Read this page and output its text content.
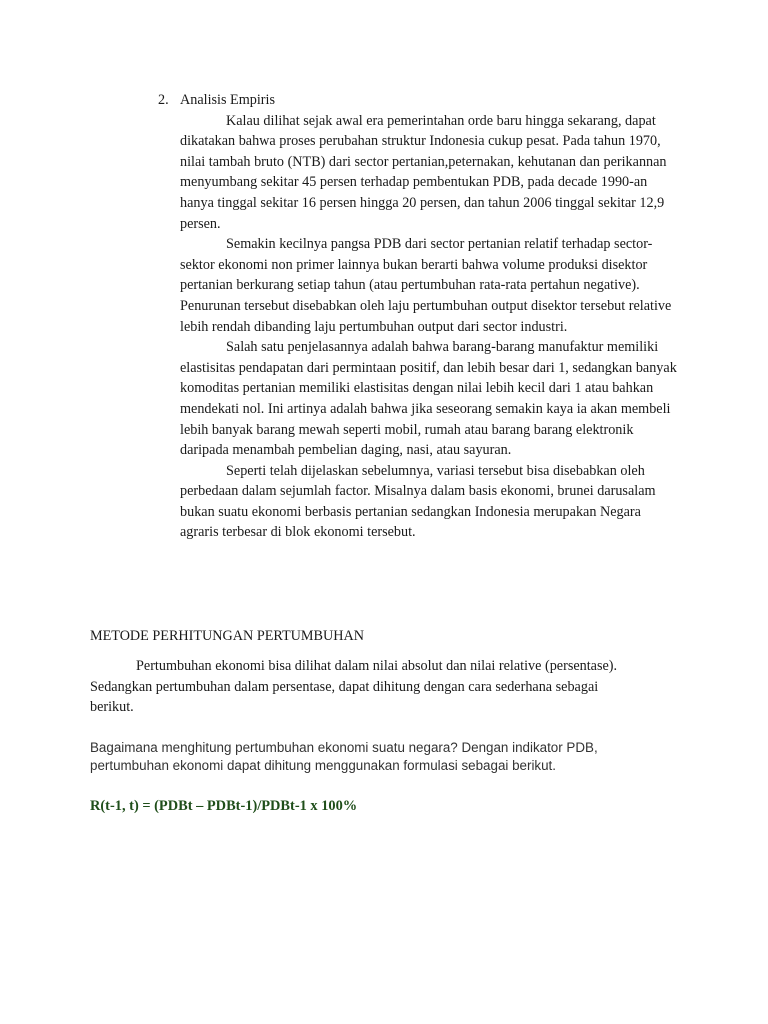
2. Analisis Empiris

Kalau dilihat sejak awal era pemerintahan orde baru hingga sekarang, dapat dikatakan bahwa proses perubahan struktur Indonesia cukup pesat. Pada tahun 1970, nilai tambah bruto (NTB) dari sector pertanian,peternakan, kehutanan dan perikannan menyumbang sekitar 45 persen terhadap pembentukan PDB, pada decade 1990-an hanya tinggal sekitar 16 persen hingga 20 persen, dan tahun 2006 tinggal sekitar 12,9 persen.

Semakin kecilnya pangsa PDB dari sector pertanian relatif terhadap sector-sektor ekonomi non primer lainnya bukan berarti bahwa volume produksi disektor pertanian berkurang setiap tahun (atau pertumbuhan rata-rata pertahun negative). Penurunan tersebut disebabkan oleh laju pertumbuhan output disektor tersebut relative lebih rendah dibanding laju pertumbuhan output dari sector industri.

Salah satu penjelasannya adalah bahwa barang-barang manufaktur memiliki elastisitas pendapatan dari permintaan positif, dan lebih besar dari 1, sedangkan banyak komoditas pertanian memiliki elastisitas dengan nilai lebih kecil dari 1 atau bahkan mendekati nol. Ini artinya adalah bahwa jika seseorang semakin kaya ia akan membeli lebih banyak barang mewah seperti mobil, rumah atau barang barang elektronik daripada menambah pembelian daging, nasi, atau sayuran.

Seperti telah dijelaskan sebelumnya, variasi tersebut bisa disebabkan oleh perbedaan dalam sejumlah factor. Misalnya dalam basis ekonomi, brunei darusalam bukan suatu ekonomi berbasis pertanian sedangkan Indonesia merupakan Negara agraris terbesar di blok ekonomi tersebut.

METODE PERHITUNGAN PERTUMBUHAN

Pertumbuhan ekonomi bisa dilihat dalam nilai absolut dan nilai relative (persentase). Sedangkan pertumbuhan dalam persentase, dapat dihitung dengan cara sederhana sebagai berikut.

Bagaimana menghitung pertumbuhan ekonomi suatu negara? Dengan indikator PDB, pertumbuhan ekonomi dapat dihitung menggunakan formulasi sebagai berikut.

R(t-1, t) = (PDBt – PDBt-1)/PDBt-1 x 100%
